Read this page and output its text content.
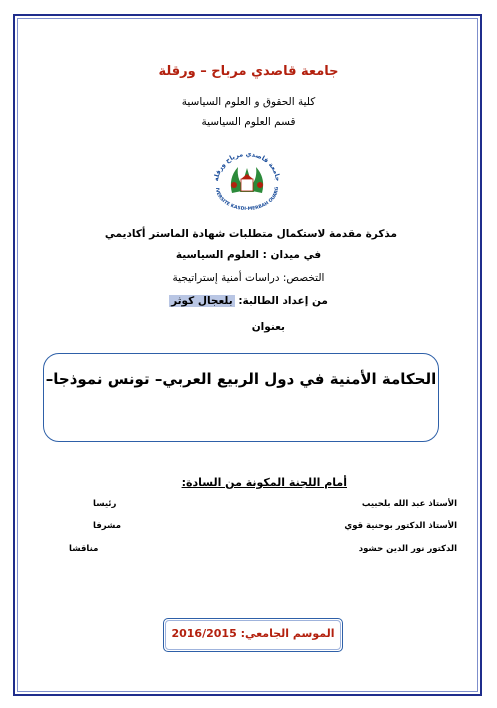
جامعة قاصدي مرباح – ورقلة
كلية الحقوق و العلوم السياسية
قسم العلوم السياسية
جامعة قاصدي مرباح ورقلة
IVERSITE KASDI-MERBAH OUARG
مذكرة مقدمة لاستكمال متطلبات شهادة الماستر أكاديمي
في ميدان : العلوم السياسية
التخصص: دراسات أمنية إستراتيجية
من إعداد الطالبة: بلعجال كوثر
بعنوان
الحكامة الأمنية في دول الربيع العربي– تونس نموذجا–
أمام اللجنة المكونة من السادة:
الأستاذ عبد الله بلحبيب
رئيسا
الأستاذ الدكتور بوحنية قوي
مشرفا
الدكتور نور الدين حشود
مناقشا
الموسم الجامعي: 2016/2015
